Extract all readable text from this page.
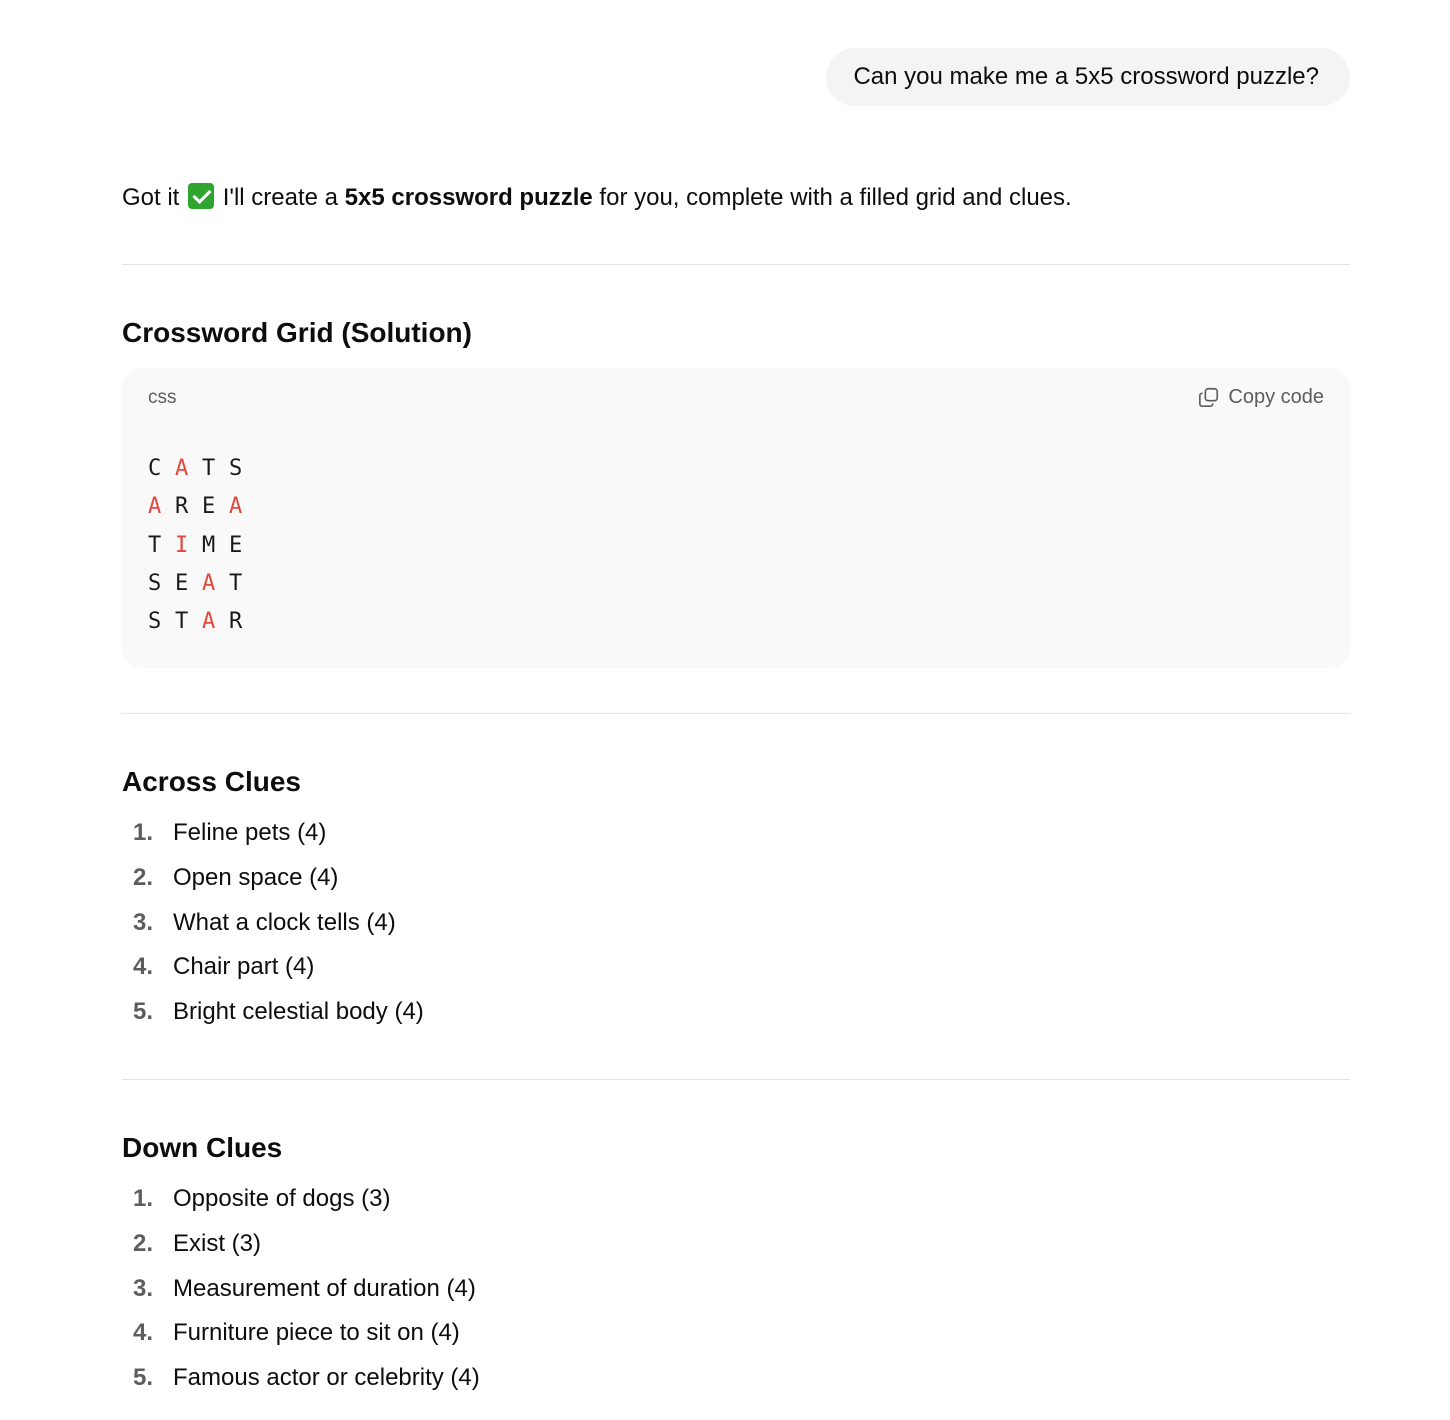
Can you make me a 5x5 crossword puzzle?
Got it  I'll create a 5x5 crossword puzzle for you, complete with a filled grid and clues.
Crossword Grid (Solution)
css	Copy code
C A T S
A R E A
T I M E
S E A T
S T A R
Across Clues
1. Feline pets (4)
2. Open space (4)
3. What a clock tells (4)
4. Chair part (4)
5. Bright celestial body (4)
Down Clues
1. Opposite of dogs (3)
2. Exist (3)
3. Measurement of duration (4)
4. Furniture piece to sit on (4)
5. Famous actor or celebrity (4)
